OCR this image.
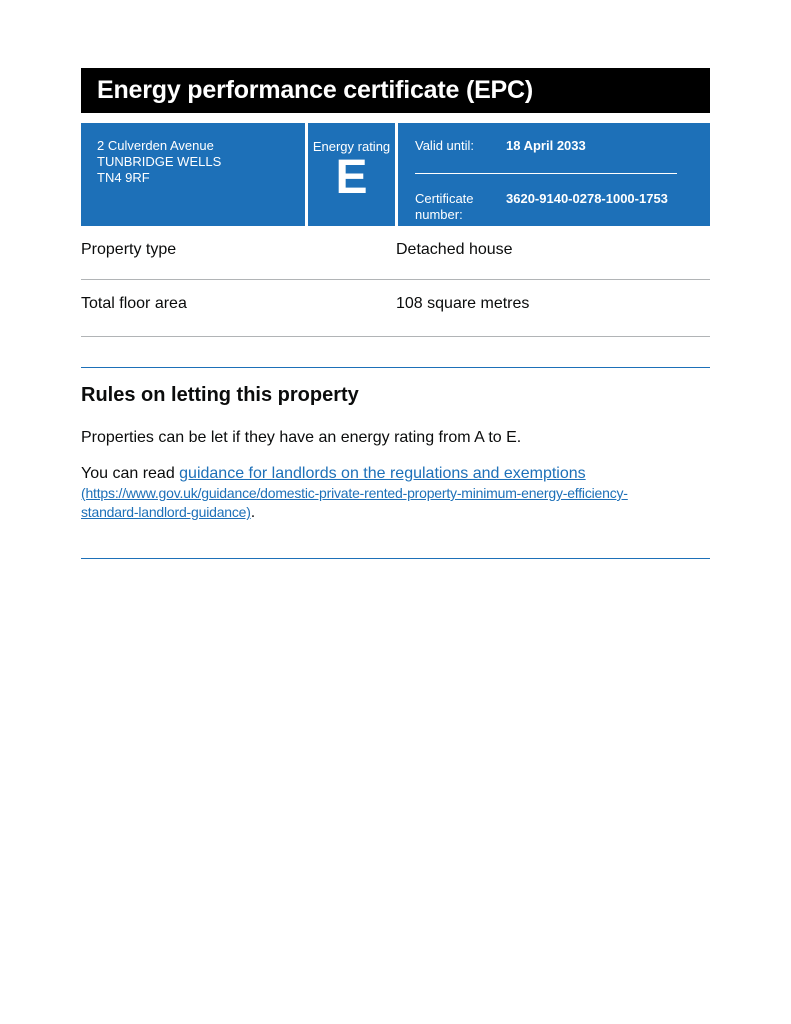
Energy performance certificate (EPC)
2 Culverden Avenue
TUNBRIDGE WELLS
TN4 9RF
Energy rating
E
Valid until:	18 April 2033
Certificate
number:
3620-9140-0278-1000-1753
Property type	Detached house
Total floor area	108 square metres
Rules on letting this property

Properties can be let if they have an energy rating from A to E.

You can read guidance for landlords on the regulations and exemptions
(https://www.gov.uk/guidance/domestic-private-rented-property-minimum-energy-efficiency-
standard-landlord-guidance).
